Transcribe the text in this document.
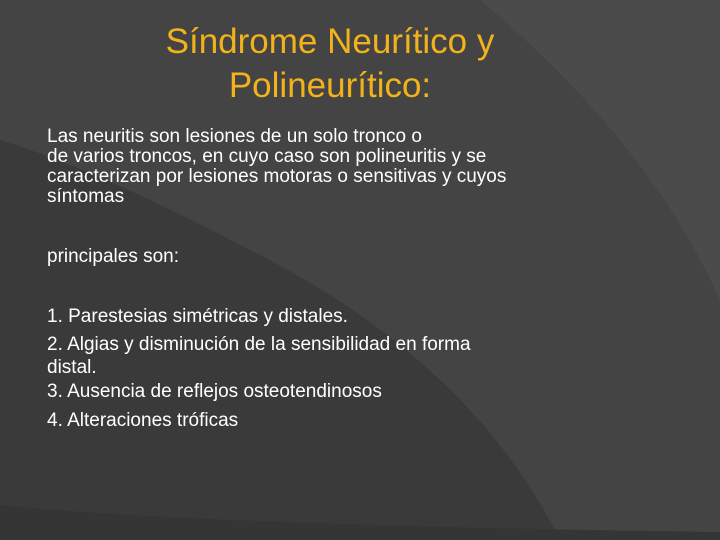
Síndrome Neurítico y
Polineurítico:
Las neuritis son lesiones de un solo tronco o
de varios troncos, en cuyo caso son polineuritis y se
caracterizan por lesiones motoras o sensitivas y cuyos
síntomas
principales son:
1. Parestesias simétricas y distales.
2. Algias y disminución de la sensibilidad en forma
distal.
3. Ausencia de reflejos osteotendinosos
4. Alteraciones tróficas
